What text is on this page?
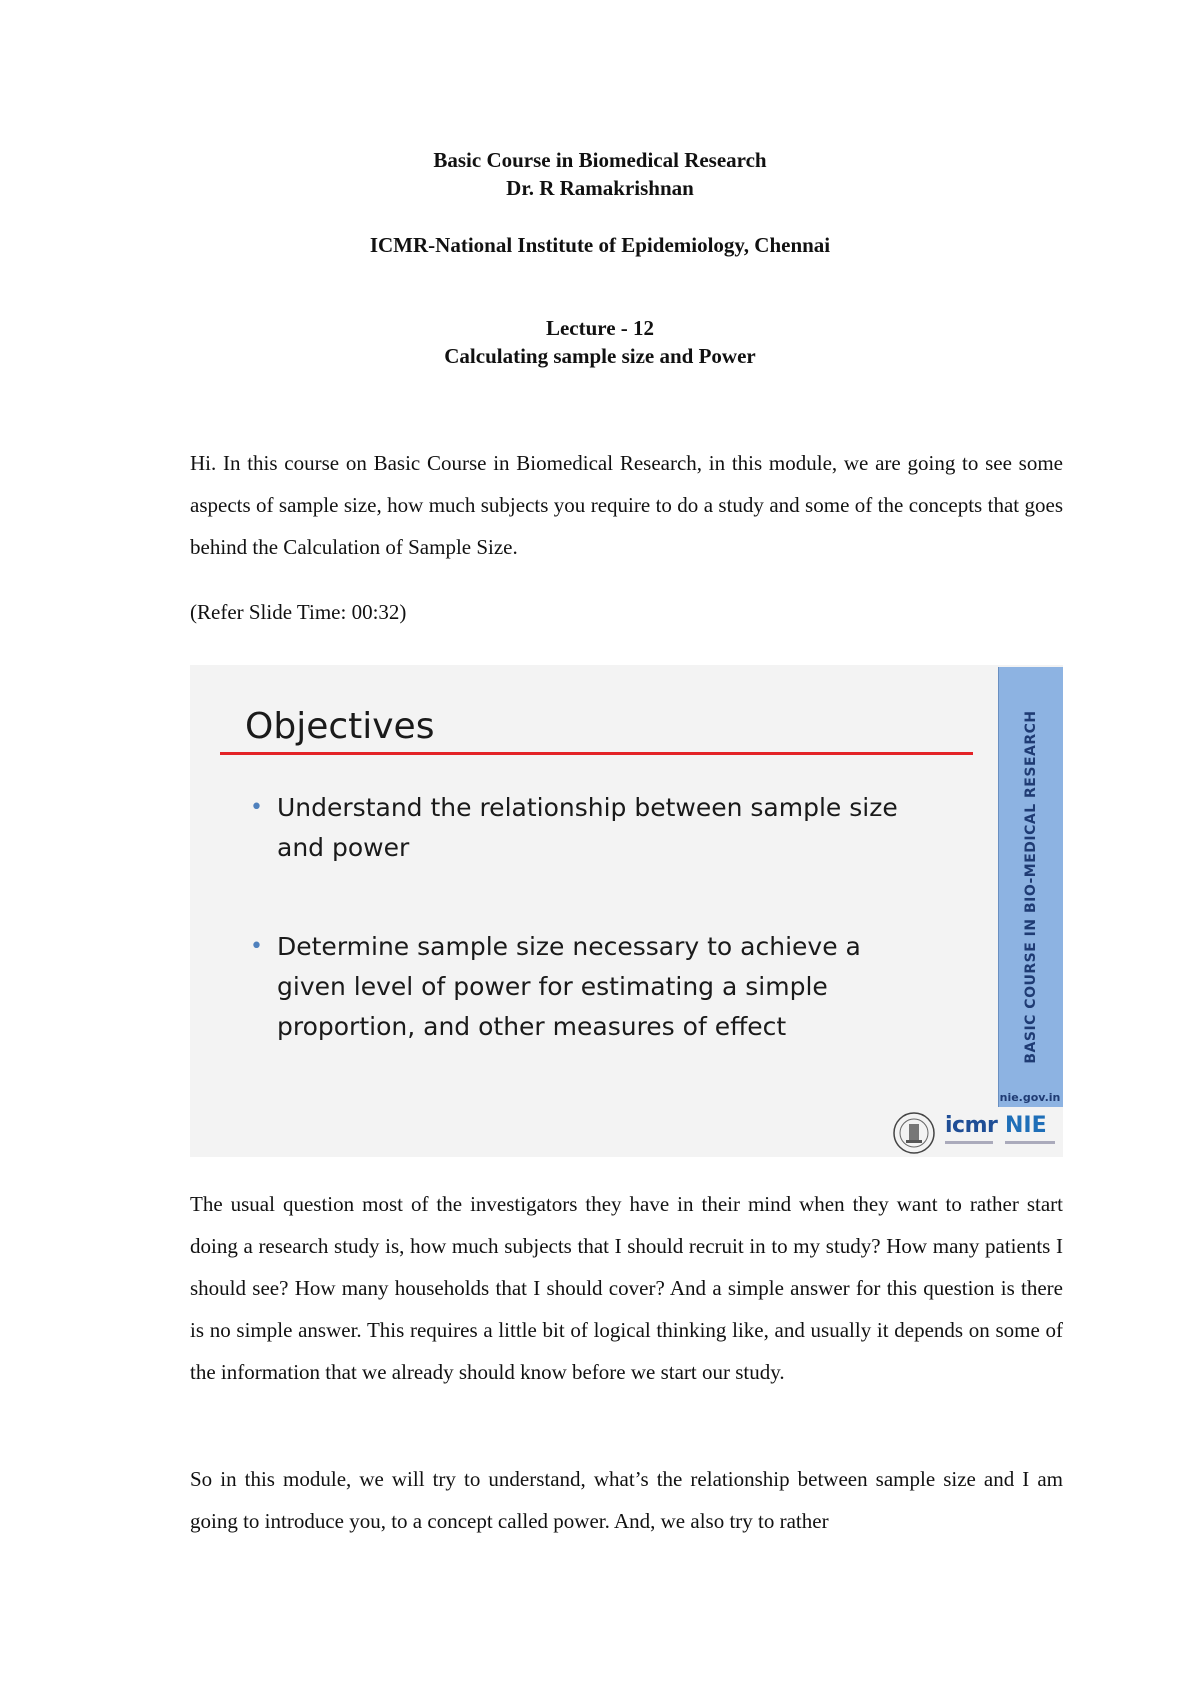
Basic Course in Biomedical Research
Dr. R Ramakrishnan
ICMR-National Institute of Epidemiology, Chennai
Lecture - 12
Calculating sample size and Power

Hi. In this course on Basic Course in Biomedical Research, in this module, we are going to see some aspects of sample size, how much subjects you require to do a study and some of the concepts that goes behind the Calculation of Sample Size.

(Refer Slide Time: 00:32)

Objectives
• Understand the relationship between sample size and power
• Determine sample size necessary to achieve a given level of power for estimating a simple proportion, and other measures of effect	BASIC COURSE IN BIO-MEDICAL RESEARCH
nie.gov.in
icmr NIE

The usual question most of the investigators they have in their mind when they want to rather start doing a research study is, how much subjects that I should recruit in to my study? How many patients I should see? How many households that I should cover? And a simple answer for this question is there is no simple answer. This requires a little bit of logical thinking like, and usually it depends on some of the information that we already should know before we start our study.

So in this module, we will try to understand, what’s the relationship between sample size and I am going to introduce you, to a concept called power. And, we also try to rather
